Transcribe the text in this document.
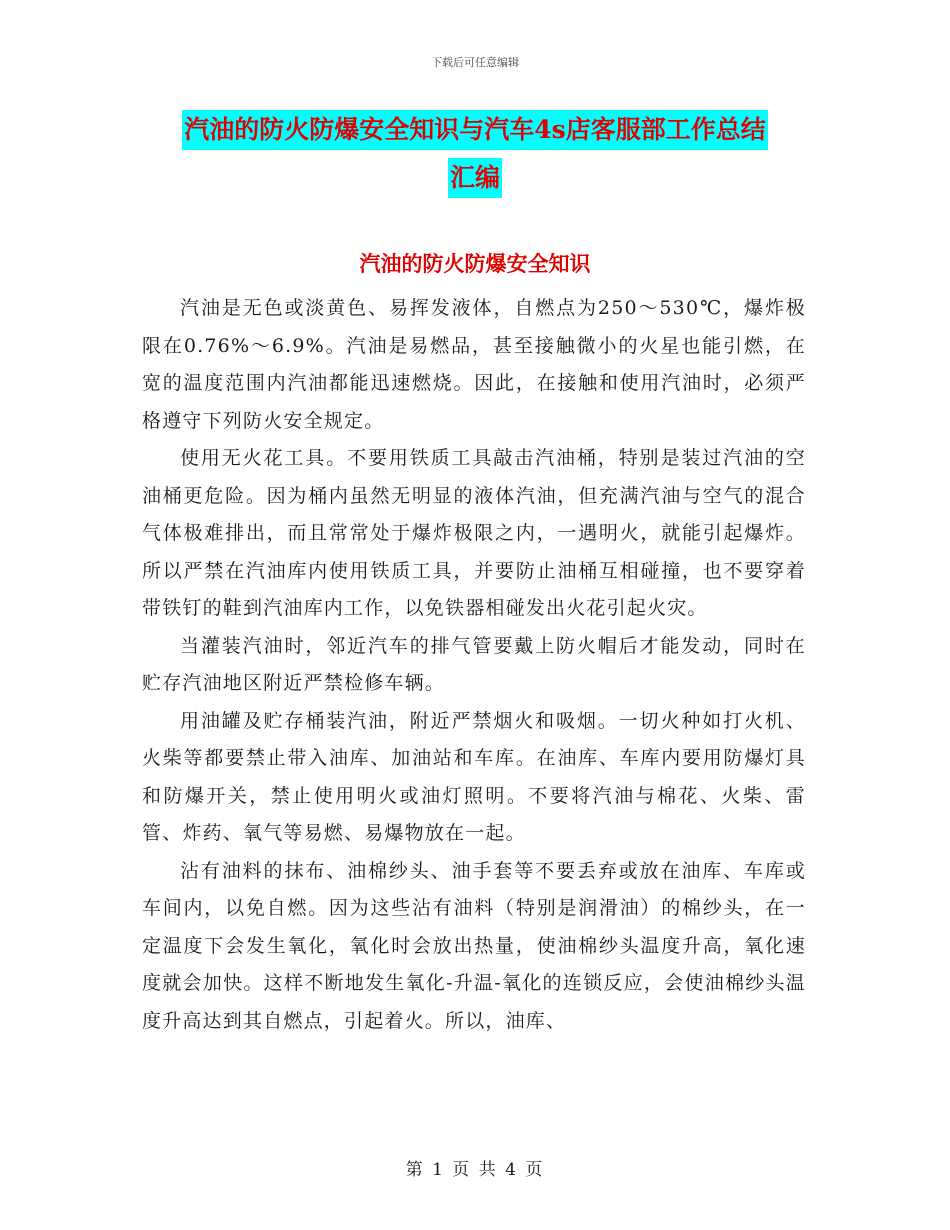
下载后可任意编辑
汽油的防火防爆安全知识与汽车4s店客服部工作总结
汇编
汽油的防火防爆安全知识

汽油是无色或淡黄色、易挥发液体，自燃点为250～530℃，爆炸极限在0.76%～6.9%。汽油是易燃品，甚至接触微小的火星也能引燃，在宽的温度范围内汽油都能迅速燃烧。因此，在接触和使用汽油时，必须严格遵守下列防火安全规定。

使用无火花工具。不要用铁质工具敲击汽油桶，特别是装过汽油的空油桶更危险。因为桶内虽然无明显的液体汽油，但充满汽油与空气的混合气体极难排出，而且常常处于爆炸极限之内，一遇明火，就能引起爆炸。所以严禁在汽油库内使用铁质工具，并要防止油桶互相碰撞，也不要穿着带铁钉的鞋到汽油库内工作，以免铁器相碰发出火花引起火灾。

当灌装汽油时，邻近汽车的排气管要戴上防火帽后才能发动，同时在贮存汽油地区附近严禁检修车辆。

用油罐及贮存桶装汽油，附近严禁烟火和吸烟。一切火种如打火机、火柴等都要禁止带入油库、加油站和车库。在油库、车库内要用防爆灯具和防爆开关，禁止使用明火或油灯照明。不要将汽油与棉花、火柴、雷管、炸药、氧气等易燃、易爆物放在一起。

沾有油料的抹布、油棉纱头、油手套等不要丢弃或放在油库、车库或车间内，以免自燃。因为这些沾有油料（特别是润滑油）的棉纱头，在一定温度下会发生氧化，氧化时会放出热量，使油棉纱头温度升高，氧化速度就会加快。这样不断地发生氧化-升温-氧化的连锁反应，会使油棉纱头温度升高达到其自燃点，引起着火。所以，油库、

第 1 页 共 4 页
